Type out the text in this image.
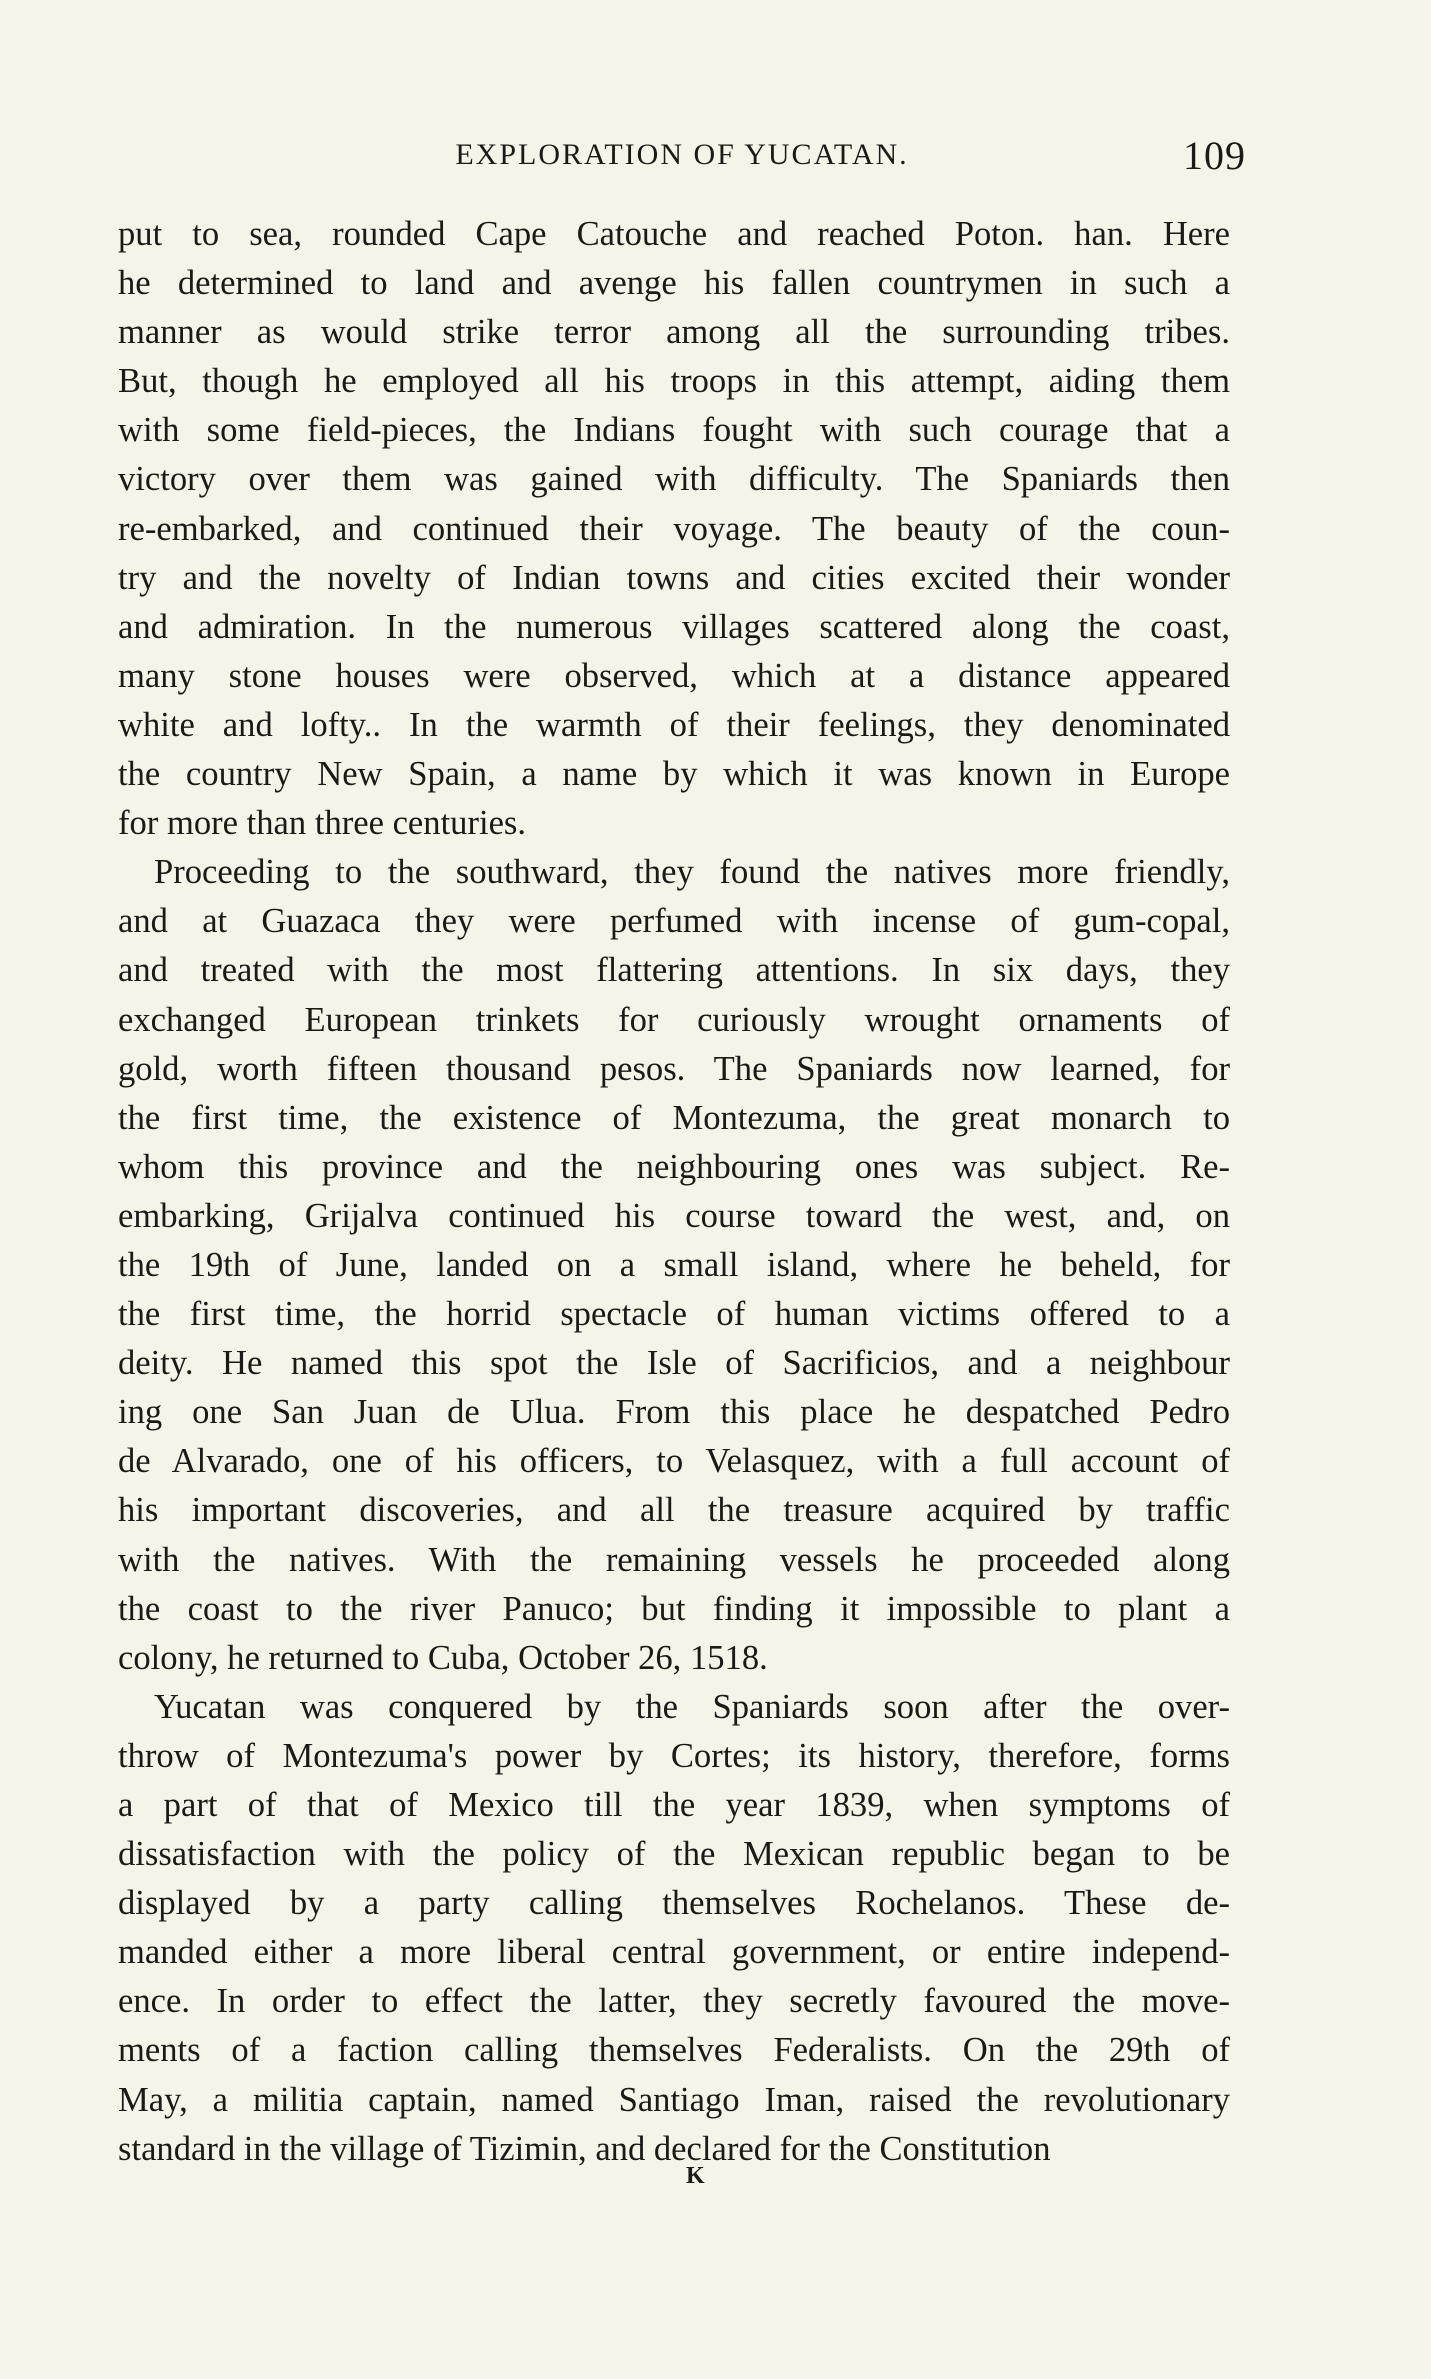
EXPLORATION OF YUCATAN.	109

put to sea, rounded Cape Catouche and reached Poton. han. Here
he determined to land and avenge his fallen countrymen in such a
manner as would strike terror among all the surrounding tribes.
But, though he employed all his troops in this attempt, aiding them
with some field-pieces, the Indians fought with such courage that a
victory over them was gained with difficulty. The Spaniards then
re-embarked, and continued their voyage. The beauty of the coun-
try and the novelty of Indian towns and cities excited their wonder
and admiration. In the numerous villages scattered along the coast,
many stone houses were observed, which at a distance appeared
white and lofty.. In the warmth of their feelings, they denominated
the country New Spain, a name by which it was known in Europe
for more than three centuries.

Proceeding to the southward, they found the natives more friendly,
and at Guazaca they were perfumed with incense of gum-copal,
and treated with the most flattering attentions. In six days, they
exchanged European trinkets for curiously wrought ornaments of
gold, worth fifteen thousand pesos. The Spaniards now learned, for
the first time, the existence of Montezuma, the great monarch to
whom this province and the neighbouring ones was subject. Re-
embarking, Grijalva continued his course toward the west, and, on
the 19th of June, landed on a small island, where he beheld, for
the first time, the horrid spectacle of human victims offered to a
deity. He named this spot the Isle of Sacrificios, and a neighbour
ing one San Juan de Ulua. From this place he despatched Pedro
de Alvarado, one of his officers, to Velasquez, with a full account of
his important discoveries, and all the treasure acquired by traffic
with the natives. With the remaining vessels he proceeded along
the coast to the river Panuco; but finding it impossible to plant a
colony, he returned to Cuba, October 26, 1518.

Yucatan was conquered by the Spaniards soon after the over-
throw of Montezuma's power by Cortes; its history, therefore, forms
a part of that of Mexico till the year 1839, when symptoms of
dissatisfaction with the policy of the Mexican republic began to be
displayed by a party calling themselves Rochelanos. These de-
manded either a more liberal central government, or entire independ-
ence. In order to effect the latter, they secretly favoured the move-
ments of a faction calling themselves Federalists. On the 29th of
May, a militia captain, named Santiago Iman, raised the revolutionary
standard in the village of Tizimin, and declared for the Constitution

K
